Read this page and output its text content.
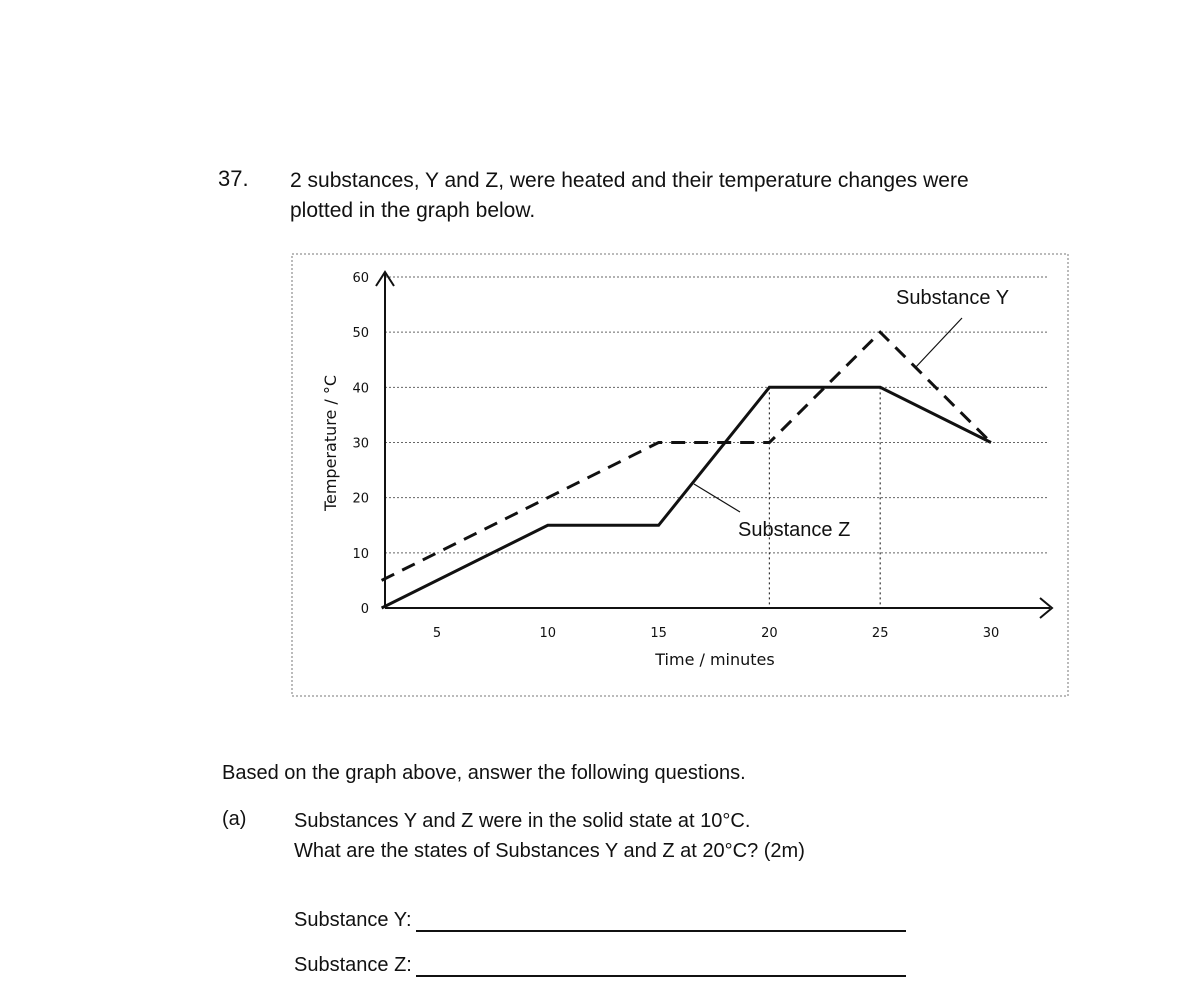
37. 2 substances, Y and Z, were heated and their temperature changes were
plotted in the graph below.
5	10	15	20	25	30
0
10
20
30
40
50
60
Time / minutes
Temperature / °C
Substance Y
Substance Z
Based on the graph above, answer the following questions.
(a) Substances Y and Z were in the solid state at 10°C.
What are the states of Substances Y and Z at 20°C? (2m)
Substance Y:
Substance Z:
